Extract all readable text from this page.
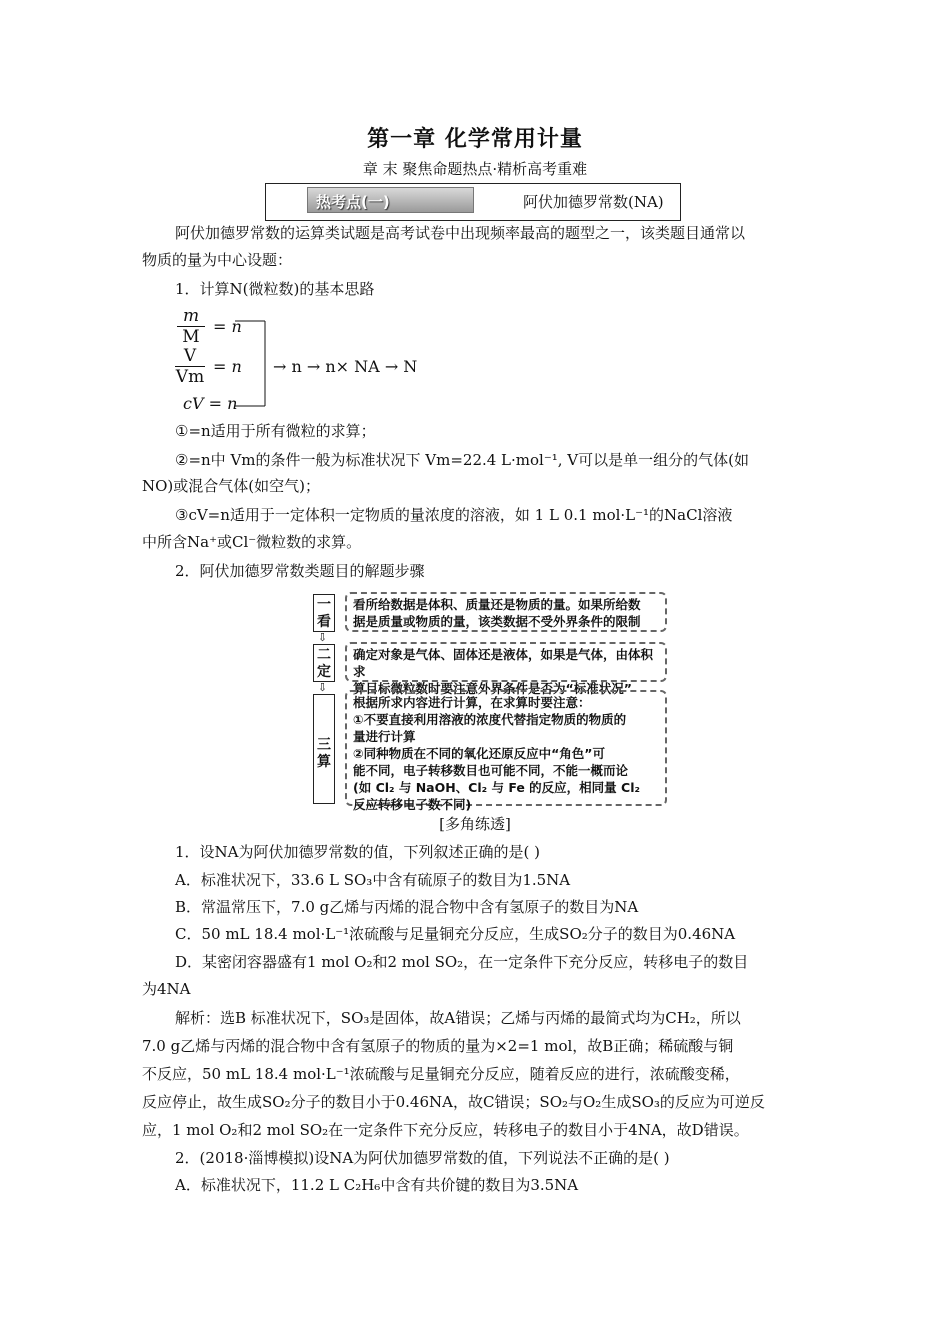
第一章 化学常用计量
章 末 聚焦命题热点·精析高考重难
热考点(一)	阿伏加德罗常数(NA)
阿伏加德罗常数的运算类试题是高考试卷中出现频率最高的题型之一，该类题目通常以
物质的量为中心设题：
1．计算N(微粒数)的基本思路
$\frac{m}{M} = n$
$\frac{V}{Vm} = n$
cV = n
→ n → n× NA → N
①=n适用于所有微粒的求算；
②=n中 Vm的条件一般为标准状况下 Vm=22.4 L·mol⁻¹, V可以是单一组分的气体(如
NO)或混合气体(如空气)；
③cV=n适用于一定体积一定物质的量浓度的溶液，如 1 L 0.1 mol·L⁻¹的NaCl溶液
中所含Na⁺或Cl⁻微粒数的求算。
2．阿伏加德罗常数类题目的解题步骤
一看
⇩
看所给数据是体积、质量还是物质的量。如果所给数
据是质量或物质的量，该类数据不受外界条件的限制
二定
⇩
确定对象是气体、固体还是液体，如果是气体，由体积求
算目标微粒数时要注意外界条件是否为“标准状况”
三算
根据所求内容进行计算，在求算时要注意：
①不要直接利用溶液的浓度代替指定物质的物质的
量进行计算
②同种物质在不同的氧化还原反应中“角色”可
能不同，电子转移数目也可能不同，不能一概而论
(如 Cl₂ 与 NaOH、Cl₂ 与 Fe 的反应，相同量 Cl₂
反应转移电子数不同)
[多角练透]
1．设NA为阿伏加德罗常数的值，下列叙述正确的是( )
A．标准状况下，33.6 L SO₃中含有硫原子的数目为1.5NA
B．常温常压下，7.0 g乙烯与丙烯的混合物中含有氢原子的数目为NA
C．50 mL 18.4 mol·L⁻¹浓硫酸与足量铜充分反应，生成SO₂分子的数目为0.46NA
D．某密闭容器盛有1 mol O₂和2 mol SO₂，在一定条件下充分反应，转移电子的数目
为4NA
解析：选B 标准状况下，SO₃是固体，故A错误；乙烯与丙烯的最简式均为CH₂，所以
7.0 g乙烯与丙烯的混合物中含有氢原子的物质的量为×2=1 mol，故B正确；稀硫酸与铜
不反应，50 mL 18.4 mol·L⁻¹浓硫酸与足量铜充分反应，随着反应的进行，浓硫酸变稀，
反应停止，故生成SO₂分子的数目小于0.46NA，故C错误；SO₂与O₂生成SO₃的反应为可逆反
应，1 mol O₂和2 mol SO₂在一定条件下充分反应，转移电子的数目小于4NA，故D错误。
2．(2018·淄博模拟)设NA为阿伏加德罗常数的值，下列说法不正确的是( )
A．标准状况下，11.2 L C₂H₆中含有共价键的数目为3.5NA
